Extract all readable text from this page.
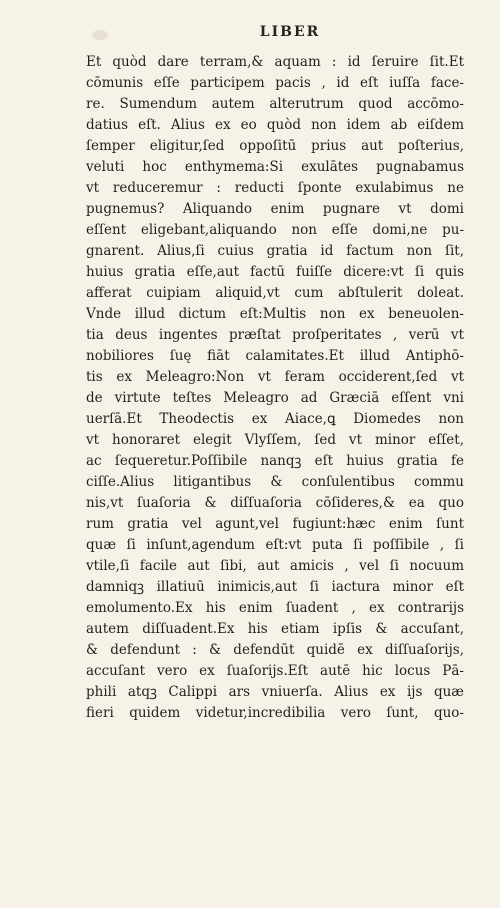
LIBER
Et quòd dare terram,& aquam : id ſeruire ſit.Et
cōmunis eſſe participem pacis , id eſt iuſſa face-
re. Sumendum autem alterutrum quod accōmo-
datius eſt. Alius ex eo quòd non idem ab eiſdem
ſemper eligitur,ſed oppoſitū prius aut poſterius,
veluti hoc enthymema:Si exulātes pugnabamus
vt reduceremur : reducti ſponte exulabimus ne
pugnemus? Aliquando enim pugnare vt domi
eſſent eligebant,aliquando non eſſe domi,ne pu-
gnarent. Alius,ſi cuius gratia id factum non ſit,
huius gratia eſſe,aut factū fuiſſe dicere:vt ſi quis
afferat cuipiam aliquid,vt cum abſtulerit doleat.
Vnde illud dictum eſt:Multis non ex beneuolen-
tia deus ingentes præſtat proſperitates , verū vt
nobiliores ſuę fiāt calamitates.Et illud Antiphō-
tis ex Meleagro:Non vt feram occiderent,ſed vt
de virtute teſtes Meleagro ad Græciā eſſent vni
uerſā.Et Theodectis ex Aiace,ꝗ Diomedes non
vt honoraret elegit Vlyſſem, ſed vt minor eſſet,
ac ſequeretur.Poſſibile nanqꝫ eſt huius gratia fe
ciſſe.Alius litigantibus & conſulentibus commu
nis,vt ſuaſoria & diſſuaſoria cōſideres,& ea quo
rum gratia vel agunt,vel fugiunt:hæc enim ſunt
quæ ſi inſunt,agendum eſt:vt puta ſi poſſibile , ſi
vtile,ſi facile aut ſibi, aut amicis , vel ſi nocuum
damniqꝫ illatiuū inimicis,aut ſi iactura minor eſt
emolumento.Ex his enim ſuadent , ex contrarijs
autem diſſuadent.Ex his etiam ipſis & accuſant,
& defendunt : & defendūt quidē ex diſſuaſorijs,
accuſant vero ex ſuaſorijs.Eſt autē hic locus Pā-
phili atqꝫ Calippi ars vniuerſa. Alius ex ijs quæ
fieri quidem videtur,incredibilia vero ſunt, quo-
